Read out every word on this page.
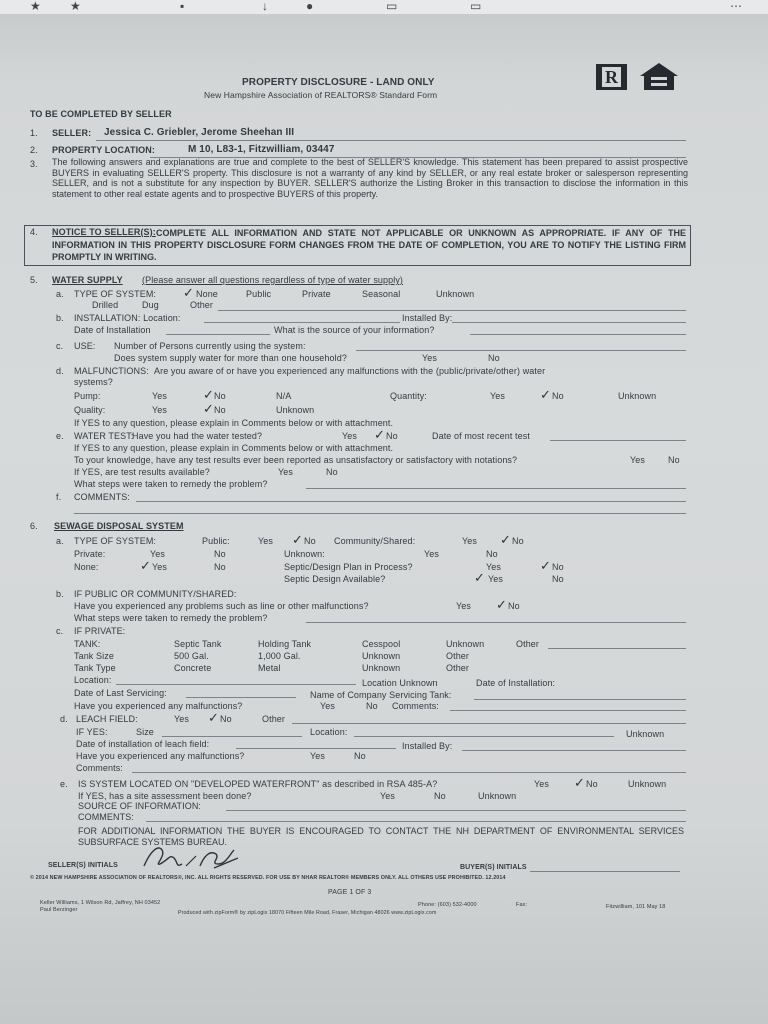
★ ★	▪	↓	●	▭	▭	⋯
R
PROPERTY DISCLOSURE - LAND ONLY
New Hampshire Association of REALTORS® Standard Form
TO BE COMPLETED BY SELLER
1. SELLER: Jessica C. Griebler, Jerome Sheehan III
2. PROPERTY LOCATION:	M 10, L83-1, Fitzwilliam, 03447
3. The following answers and explanations are true and complete to the best of SELLER'S knowledge. This statement has been prepared to assist prospective BUYERS in evaluating SELLER'S property. This disclosure is not a warranty of any kind by SELLER, or any real estate broker or salesperson representing SELLER, and is not a substitute for any inspection by BUYER. SELLER'S authorize the Listing Broker in this transaction to disclose the information in this statement to other real estate agents and to prospective BUYERS of this property.
4. NOTICE TO SELLER(S): COMPLETE ALL INFORMATION AND STATE NOT APPLICABLE OR UNKNOWN AS APPROPRIATE. IF ANY OF THE INFORMATION IN THIS PROPERTY DISCLOSURE FORM CHANGES FROM THE DATE OF COMPLETION, YOU ARE TO NOTIFY THE LISTING FIRM PROMPTLY IN WRITING.
5. WATER SUPPLY (Please answer all questions regardless of type of water supply)
a. TYPE OF SYSTEM: ✓ None	Public	Private	Seasonal	Unknown
Drilled	Dug	Other
b. INSTALLATION: Location:	Installed By:
Date of Installation	What is the source of your information?
c. USE: Number of Persons currently using the system:
Does system supply water for more than one household?	Yes	No
d. MALFUNCTIONS: Are you aware of or have you experienced any malfunctions with the (public/private/other) water
systems?
Pump:	Yes	✓ No	N/A	Quantity:	Yes	✓ No	Unknown
Quality:	Yes	✓ No	Unknown
If YES to any question, please explain in Comments below or with attachment.
e. WATER TEST:
Have you had the water tested?	Yes ✓ No	Date of most recent test
If YES to any question, please explain in Comments below or with attachment.
To your knowledge, have any test results ever been reported as unsatisfactory or satisfactory with notations?	Yes	No
If YES, are test results available?	Yes	No
What steps were taken to remedy the problem?
f. COMMENTS:
6. SEWAGE DISPOSAL SYSTEM
a. TYPE OF SYSTEM:	Public:	Yes ✓ No Community/Shared:	Yes ✓ No
Private:	Yes	No	Unknown:	Yes	No
None:	✓ Yes	No	Septic/Design Plan in Process?	Yes	✓ No
Septic Design Available?	✓ Yes	No
b. IF PUBLIC OR COMMUNITY/SHARED:
Have you experienced any problems such as line or other malfunctions?	Yes ✓ No
What steps were taken to remedy the problem?
c. IF PRIVATE:
TANK:	Septic Tank	Holding Tank	Cesspool	Unknown	Other
Tank Size	500 Gal.	1,000 Gal.	Unknown	Other
Tank Type	Concrete	Metal	Unknown	Other
Location:	Location Unknown	Date of Installation:
Date of Last Servicing:	Name of Company Servicing Tank:
Have you experienced any malfunctions?	Yes	No Comments:
d. LEACH FIELD:	Yes ✓ No	Other
IF YES:	Size	Location:	Unknown
Date of installation of leach field:	Installed By:
Have you experienced any malfunctions?	Yes	No
Comments:
e. IS SYSTEM LOCATED ON "DEVELOPED WATERFRONT" as described in RSA 485-A?	Yes ✓ No	Unknown
If YES, has a site assessment been done?	Yes	No	Unknown
SOURCE OF INFORMATION:
COMMENTS:
FOR ADDITIONAL INFORMATION THE BUYER IS ENCOURAGED TO CONTACT THE NH DEPARTMENT OF ENVIRONMENTAL SERVICES SUBSURFACE SYSTEMS BUREAU.
SELLER(S) INITIALS	BUYER(S) INITIALS
© 2014 NEW HAMPSHIRE ASSOCIATION OF REALTORS®, INC. ALL RIGHTS RESERVED. FOR USE BY NHAR REALTOR® MEMBERS ONLY. ALL OTHERS USE PROHIBITED. 12.2014
PAGE 1 OF 3
Keller Williams, 1 Wilson Rd, Jaffrey, NH 03452
Paul Berzinger
Phone: (603) 532-4000	Fax:
Produced with zipForm® by zipLogix 18070 Fifteen Mile Road, Fraser, Michigan 48026 www.zipLogix.com
Fitzwilliam, 101 May 18
